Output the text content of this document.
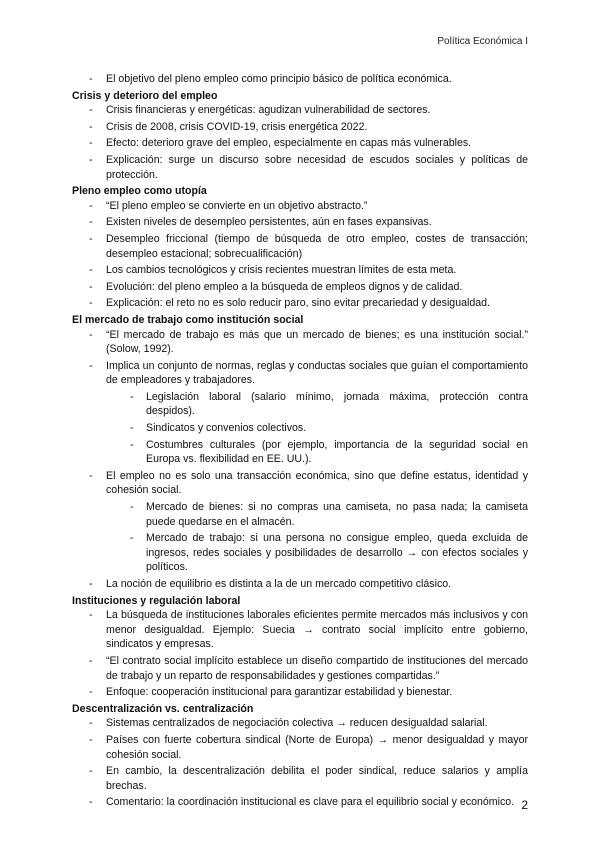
Política Económica I
- El objetivo del pleno empleo como principio básico de política económica.
Crisis y deterioro del empleo
- Crisis financieras y energéticas: agudizan vulnerabilidad de sectores.
- Crisis de 2008, crisis COVID-19, crisis energética 2022.
- Efecto: deterioro grave del empleo, especialmente en capas más vulnerables.
- Explicación: surge un discurso sobre necesidad de escudos sociales y políticas de protección.
Pleno empleo como utopía
- “El pleno empleo se convierte en un objetivo abstracto.”
- Existen niveles de desempleo persistentes, aún en fases expansivas.
- Desempleo friccional (tiempo de búsqueda de otro empleo, costes de transacción; desempleo estacional; sobrecualificación)
- Los cambios tecnológicos y crisis recientes muestran límites de esta meta.
- Evolución: del pleno empleo a la búsqueda de empleos dignos y de calidad.
- Explicación: el reto no es solo reducir paro, sino evitar precariedad y desigualdad.
El mercado de trabajo como institución social
- “El mercado de trabajo es más que un mercado de bienes; es una institución social.” (Solow, 1992).
- Implica un conjunto de normas, reglas y conductas sociales que guían el comportamiento de empleadores y trabajadores.
- Legislación laboral (salario mínimo, jornada máxima, protección contra despidos).
- Sindicatos y convenios colectivos.
- Costumbres culturales (por ejemplo, importancia de la seguridad social en Europa vs. flexibilidad en EE. UU.).
- El empleo no es solo una transacción económica, sino que define estatus, identidad y cohesión social.
- Mercado de bienes: si no compras una camiseta, no pasa nada; la camiseta puede quedarse en el almacén.
- Mercado de trabajo: si una persona no consigue empleo, queda excluida de ingresos, redes sociales y posibilidades de desarrollo → con efectos sociales y políticos.
- La noción de equilibrio es distinta a la de un mercado competitivo clásico.
Instituciones y regulación laboral
- La búsqueda de instituciones laborales eficientes permite mercados más inclusivos y con menor desigualdad. Ejemplo: Suecia → contrato social implícito entre gobierno, sindicatos y empresas.
- “El contrato social implícito establece un diseño compartido de instituciones del mercado de trabajo y un reparto de responsabilidades y gestiones compartidas.”
- Enfoque: cooperación institucional para garantizar estabilidad y bienestar.
Descentralización vs. centralización
- Sistemas centralizados de negociación colectiva → reducen desigualdad salarial.
- Países con fuerte cobertura sindical (Norte de Europa) → menor desigualdad y mayor cohesión social.
- En cambio, la descentralización debilita el poder sindical, reduce salarios y amplía brechas.
- Comentario: la coordinación institucional es clave para el equilibrio social y económico. 2
